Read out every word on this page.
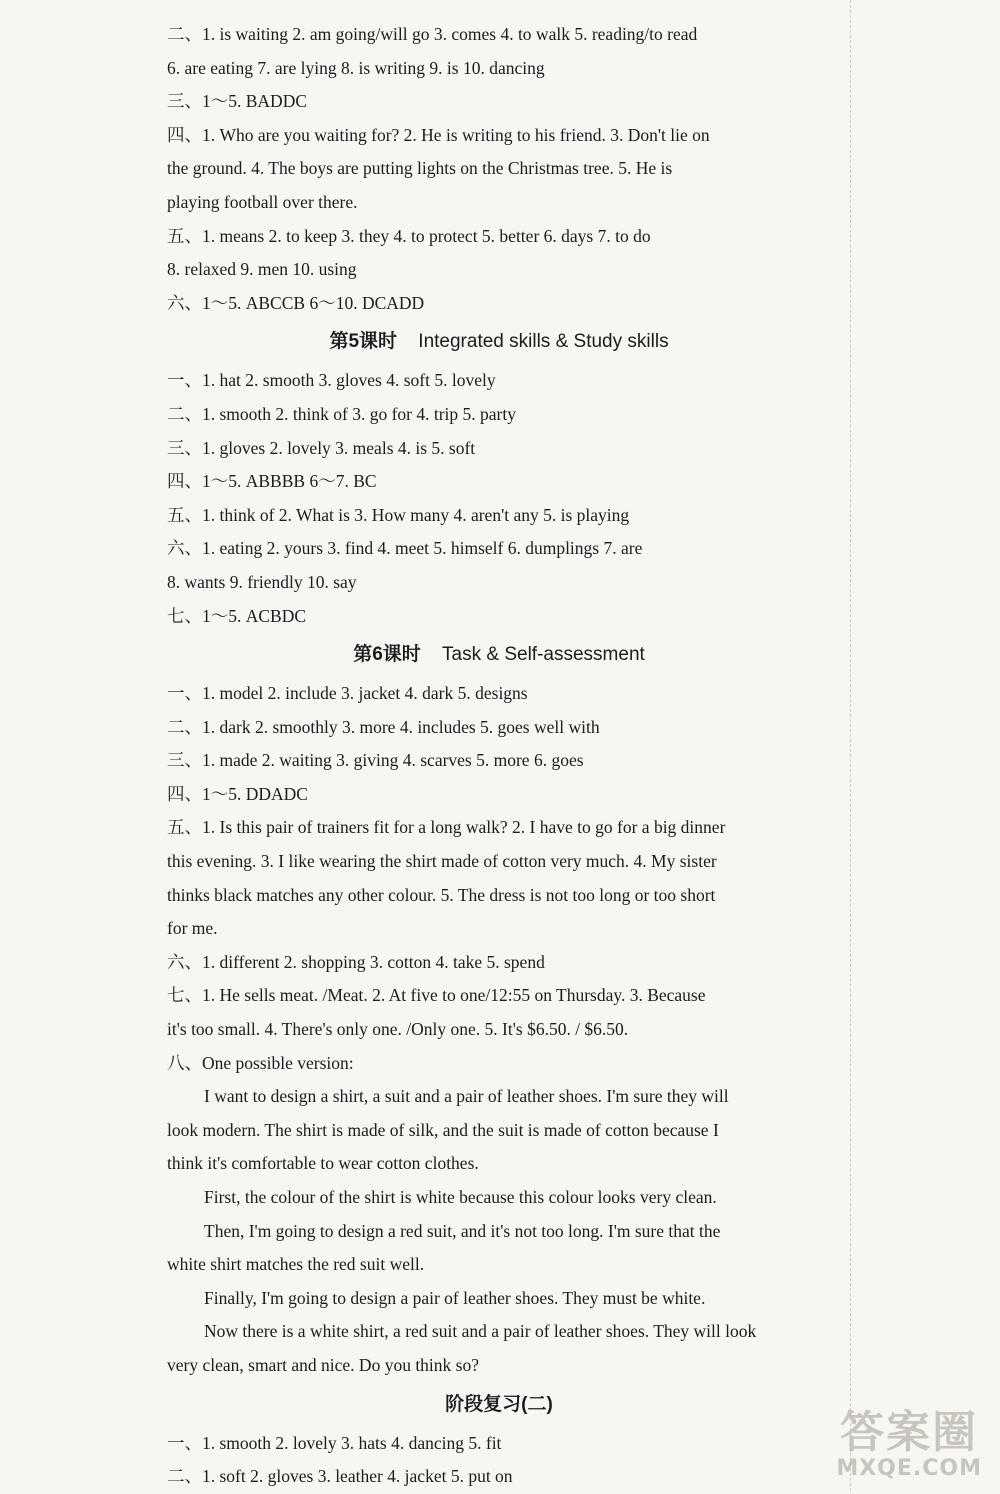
二、1. is waiting 2. am going/will go 3. comes 4. to walk 5. reading/to read
6. are eating 7. are lying 8. is writing 9. is 10. dancing
三、1～5. BADDC
四、1. Who are you waiting for? 2. He is writing to his friend. 3. Don't lie on
the ground. 4. The boys are putting lights on the Christmas tree. 5. He is
playing football over there.
五、1. means 2. to keep 3. they 4. to protect 5. better 6. days 7. to do
8. relaxed 9. men 10. using
六、1～5. ABCCB 6～10. DCADD
第5课时 Integrated skills & Study skills
一、1. hat 2. smooth 3. gloves 4. soft 5. lovely
二、1. smooth 2. think of 3. go for 4. trip 5. party
三、1. gloves 2. lovely 3. meals 4. is 5. soft
四、1～5. ABBBB 6～7. BC
五、1. think of 2. What is 3. How many 4. aren't any 5. is playing
六、1. eating 2. yours 3. find 4. meet 5. himself 6. dumplings 7. are
8. wants 9. friendly 10. say
七、1～5. ACBDC
第6课时 Task & Self-assessment
一、1. model 2. include 3. jacket 4. dark 5. designs
二、1. dark 2. smoothly 3. more 4. includes 5. goes well with
三、1. made 2. waiting 3. giving 4. scarves 5. more 6. goes
四、1～5. DDADC
五、1. Is this pair of trainers fit for a long walk? 2. I have to go for a big dinner
this evening. 3. I like wearing the shirt made of cotton very much. 4. My sister
thinks black matches any other colour. 5. The dress is not too long or too short
for me.
六、1. different 2. shopping 3. cotton 4. take 5. spend
七、1. He sells meat. /Meat. 2. At five to one/12:55 on Thursday. 3. Because
it's too small. 4. There's only one. /Only one. 5. It's $6.50. / $6.50.
八、One possible version:
I want to design a shirt, a suit and a pair of leather shoes. I'm sure they will
look modern. The shirt is made of silk, and the suit is made of cotton because I
think it's comfortable to wear cotton clothes.
First, the colour of the shirt is white because this colour looks very clean.
Then, I'm going to design a red suit, and it's not too long. I'm sure that the
white shirt matches the red suit well.
Finally, I'm going to design a pair of leather shoes. They must be white.
Now there is a white shirt, a red suit and a pair of leather shoes. They will look
very clean, smart and nice. Do you think so?
阶段复习(二)
一、1. smooth 2. lovely 3. hats 4. dancing 5. fit
二、1. soft 2. gloves 3. leather 4. jacket 5. put on
答案圈
MXQE.COM
